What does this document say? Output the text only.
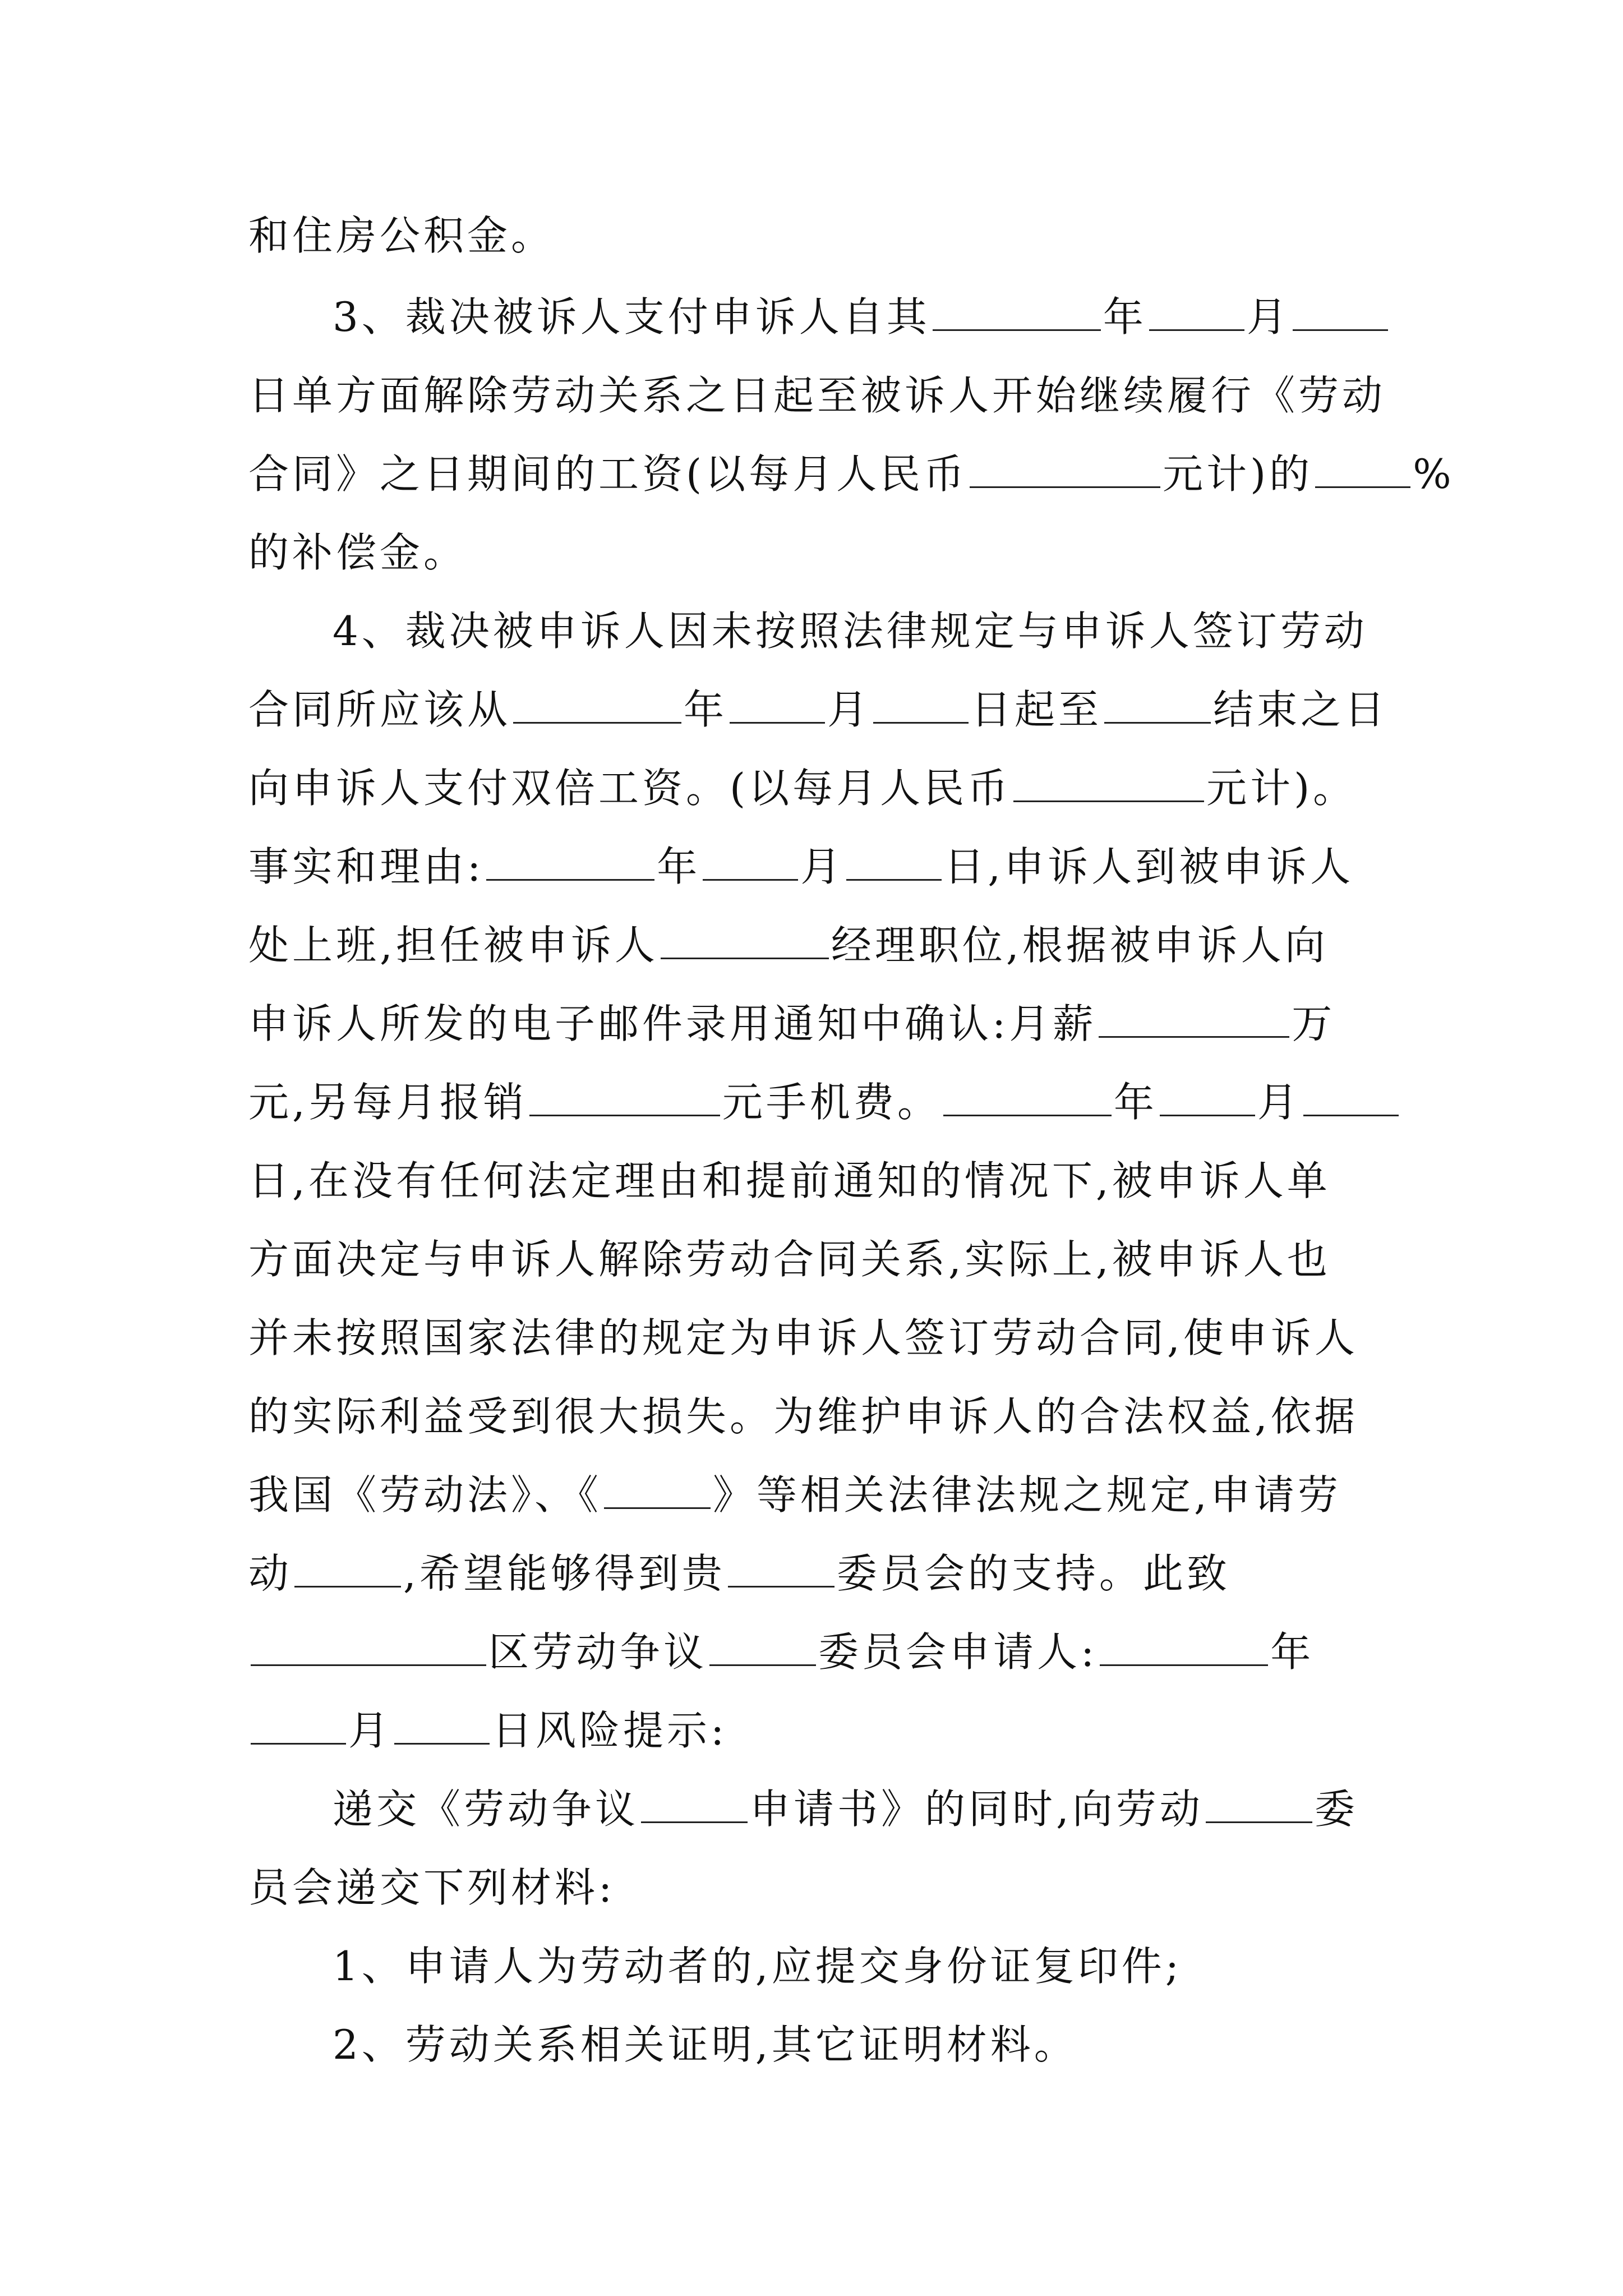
和住房公积金。
3、裁决被诉人支付申诉人自其	年 月
日单方面解除劳动关系之日起至被诉人开始继续履行《劳动
合同》之日期间的工资(以每月人民币	元计)的 %
的补偿金。
4、裁决被申诉人因未按照法律规定与申诉人签订劳动
合同所应该从	年 月 日起至	结束之日
向申诉人支付双倍工资。(以每月人民币	元计)。
事实和理由:	年 月 日,申诉人到被申诉人
处上班,担任被申诉人	经理职位,根据被申诉人向
申诉人所发的电子邮件录用通知中确认:月薪	万
元,另每月报销	元手机费。	年 月
日,在没有任何法定理由和提前通知的情况下,被申诉人单
方面决定与申诉人解除劳动合同关系,实际上,被申诉人也
并未按照国家法律的规定为申诉人签订劳动合同,使申诉人
的实际利益受到很大损失。为维护申诉人的合法权益,依据
我国《劳动法》、《	》等相关法律法规之规定,申请劳
动	,希望能够得到贵	委员会的支持。此致
区劳动争议	委员会申请人:	年
月 日风险提示:
递交《劳动争议	申请书》的同时,向劳动	委
员会递交下列材料:
1、申请人为劳动者的,应提交身份证复印件;
2、劳动关系相关证明,其它证明材料。
